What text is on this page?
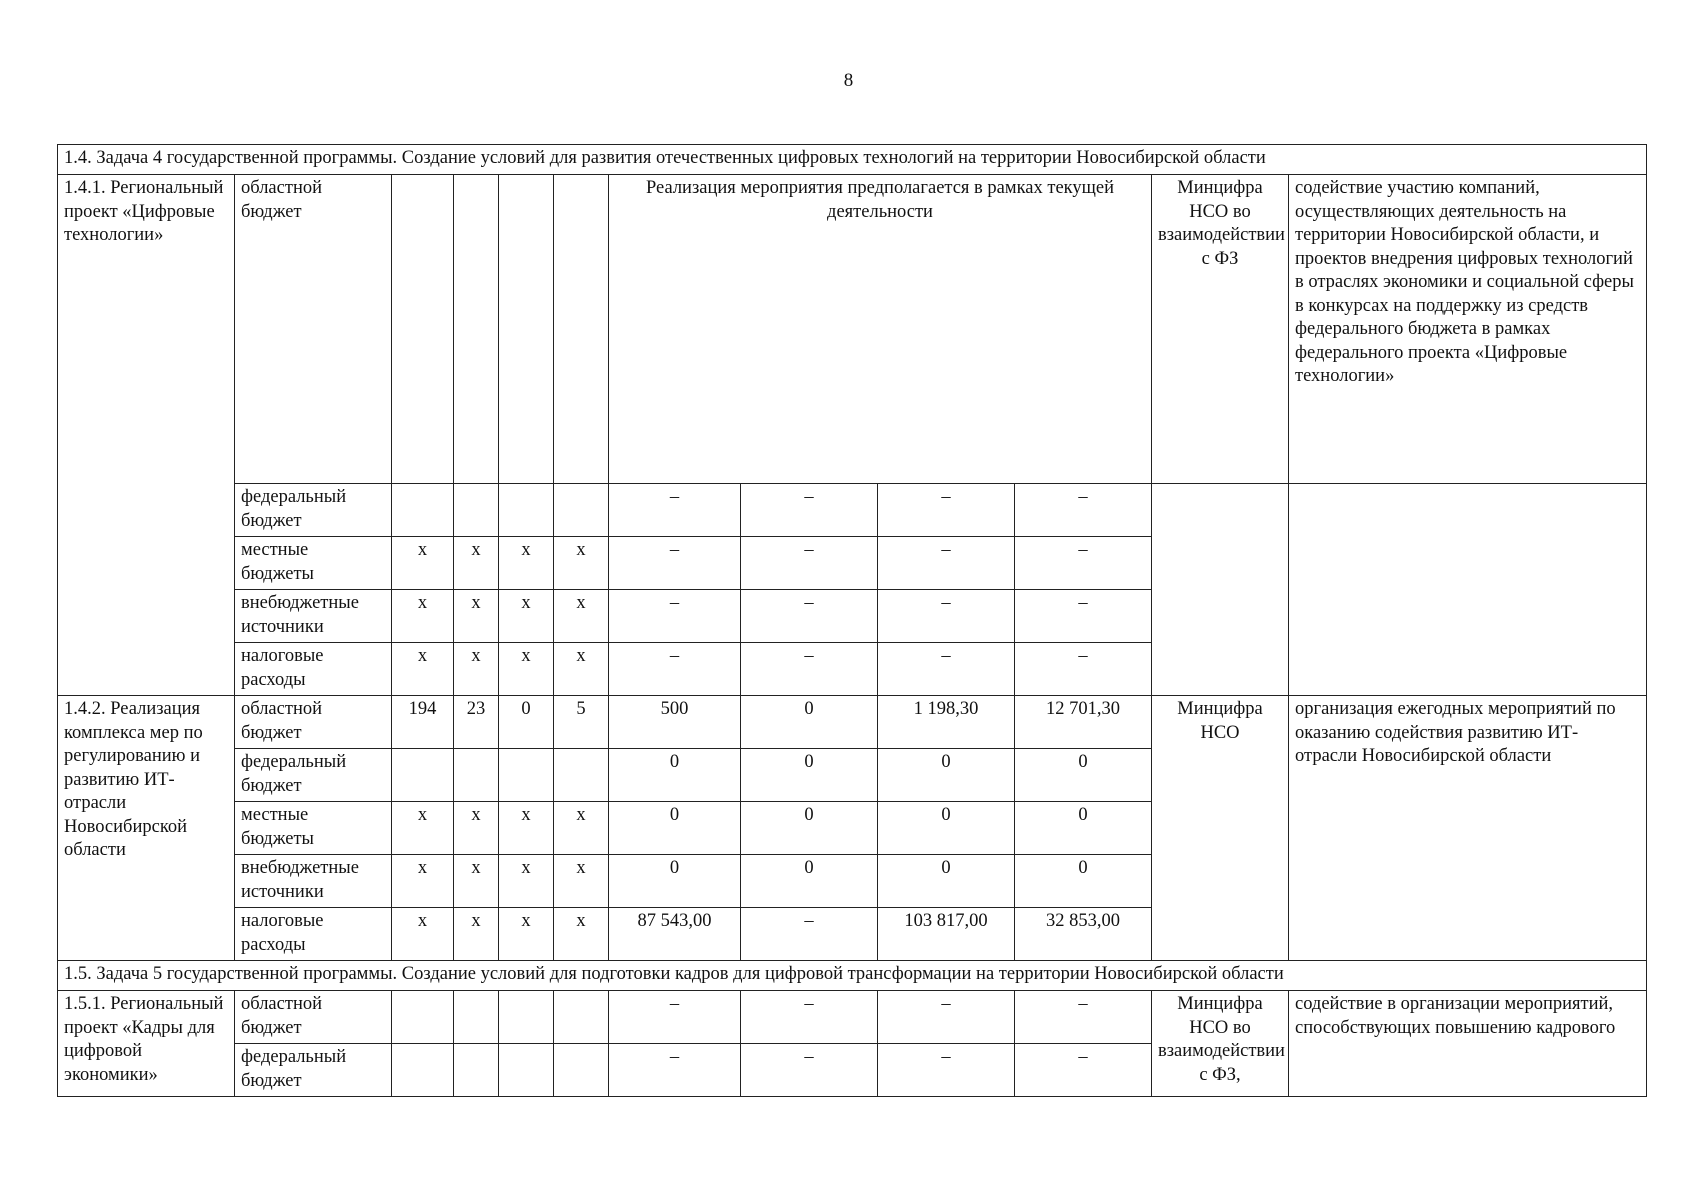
8
1.4. Задача 4 государственной программы. Создание условий для развития отечественных цифровых технологий на территории Новосибирской области											
1.4.1. Региональный проект «Цифровые технологии»	областной бюджет					Реализация мероприятия предполагается в рамках текущей деятельности				Минцифра НСО во взаимодействии с ФЗ	содействие участию компаний, осуществляющих деятельность на территории Новосибирской области, и проектов внедрения цифровых технологий в отраслях экономики и социальной сферы в конкурсах на поддержку из средств федерального бюджета в рамках федерального проекта «Цифровые технологии»
	федеральный бюджет					–	–	–	–		
	местные бюджеты	х	х	х	х	–	–	–	–		
	внебюджетные источники	х	х	х	х	–	–	–	–		
	налоговые расходы	х	х	х	х	–	–	–	–		
1.4.2. Реализация комплекса мер по регулированию и развитию ИТ-отрасли Новосибирской области	областной бюджет	194	23	0	5	500	0	1 198,30	12 701,30	Минцифра НСО	организация ежегодных мероприятий по оказанию содействия развитию ИТ-отрасли Новосибирской области
	федеральный бюджет					0	0	0	0		
	местные бюджеты	х	х	х	х	0	0	0	0		
	внебюджетные источники	х	х	х	х	0	0	0	0		
	налоговые расходы	х	х	х	х	87 543,00	–	103 817,00	32 853,00		
1.5. Задача 5 государственной программы. Создание условий для подготовки кадров для цифровой трансформации на территории Новосибирской области											
1.5.1. Региональный проект «Кадры для цифровой экономики»	областной бюджет					–	–	–	–	Минцифра НСО во взаимодействии с ФЗ,	содействие в организации мероприятий, способствующих повышению кадрового
	федеральный бюджет					–	–	–	–		
